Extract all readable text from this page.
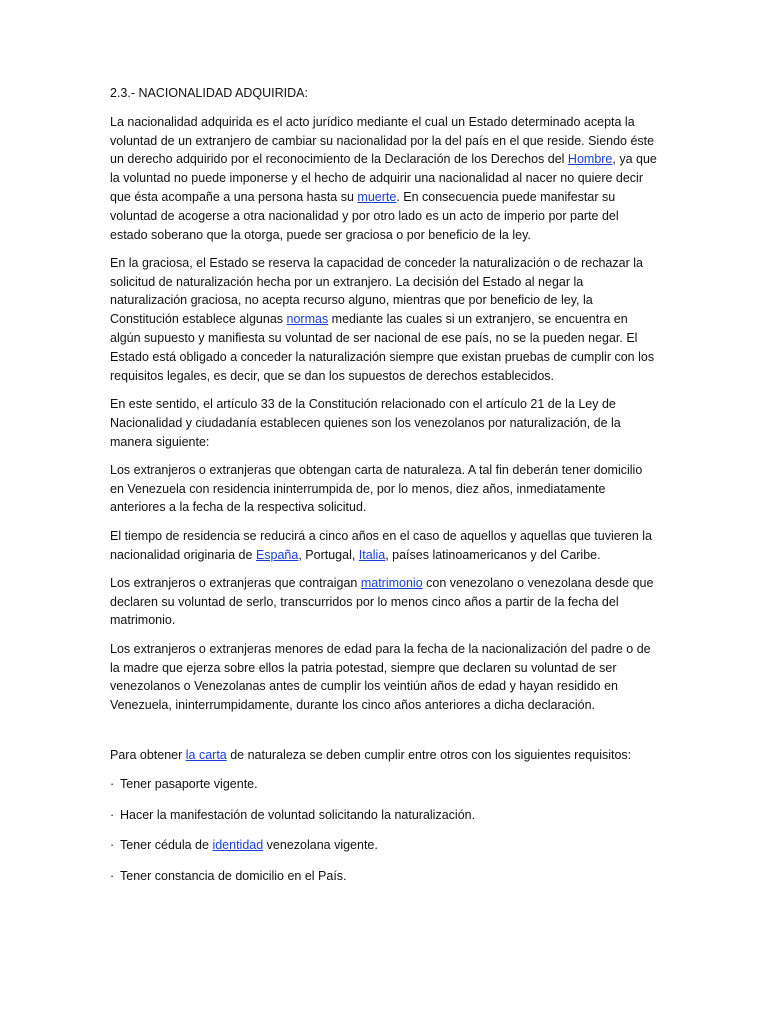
2.3.- NACIONALIDAD ADQUIRIDA:

La nacionalidad adquirida es el acto jurídico mediante el cual un Estado determinado acepta la voluntad de un extranjero de cambiar su nacionalidad por la del país en el que reside. Siendo éste un derecho adquirido por el reconocimiento de la Declaración de los Derechos del Hombre, ya que la voluntad no puede imponerse y el hecho de adquirir una nacionalidad al nacer no quiere decir que ésta acompañe a una persona hasta su muerte. En consecuencia puede manifestar su voluntad de acogerse a otra nacionalidad y por otro lado es un acto de imperio por parte del estado soberano que la otorga, puede ser graciosa o por beneficio de la ley.

En la graciosa, el Estado se reserva la capacidad de conceder la naturalización o de rechazar la solicitud de naturalización hecha por un extranjero. La decisión del Estado al negar la naturalización graciosa, no acepta recurso alguno, mientras que por beneficio de ley, la Constitución establece algunas normas mediante las cuales si un extranjero, se encuentra en algún supuesto y manifiesta su voluntad de ser nacional de ese país, no se la pueden negar. El Estado está obligado a conceder la naturalización siempre que existan pruebas de cumplir con los requisitos legales, es decir, que se dan los supuestos de derechos establecidos.

En este sentido, el artículo 33 de la Constitución relacionado con el artículo 21 de la Ley de Nacionalidad y ciudadanía establecen quienes son los venezolanos por naturalización, de la manera siguiente:

Los extranjeros o extranjeras que obtengan carta de naturaleza. A tal fin deberán tener domicilio en Venezuela con residencia ininterrumpida de, por lo menos, diez años, inmediatamente anteriores a la fecha de la respectiva solicitud.

El tiempo de residencia se reducirá a cinco años en el caso de aquellos y aquellas que tuvieren la nacionalidad originaria de España, Portugal, Italia, países latinoamericanos y del Caribe.

Los extranjeros o extranjeras que contraigan matrimonio con venezolano o venezolana desde que declaren su voluntad de serlo, transcurridos por lo menos cinco años a partir de la fecha del matrimonio.

Los extranjeros o extranjeras menores de edad para la fecha de la nacionalización del padre o de la madre que ejerza sobre ellos la patria potestad, siempre que declaren su voluntad de ser venezolanos o Venezolanas antes de cumplir los veintiún años de edad y hayan residido en Venezuela, ininterrumpidamente, durante los cinco años anteriores a dicha declaración.

Para obtener la carta de naturaleza se deben cumplir entre otros con los siguientes requisitos:

· Tener pasaporte vigente.

· Hacer la manifestación de voluntad solicitando la naturalización.

· Tener cédula de identidad venezolana vigente.

· Tener constancia de domicilio en el País.
